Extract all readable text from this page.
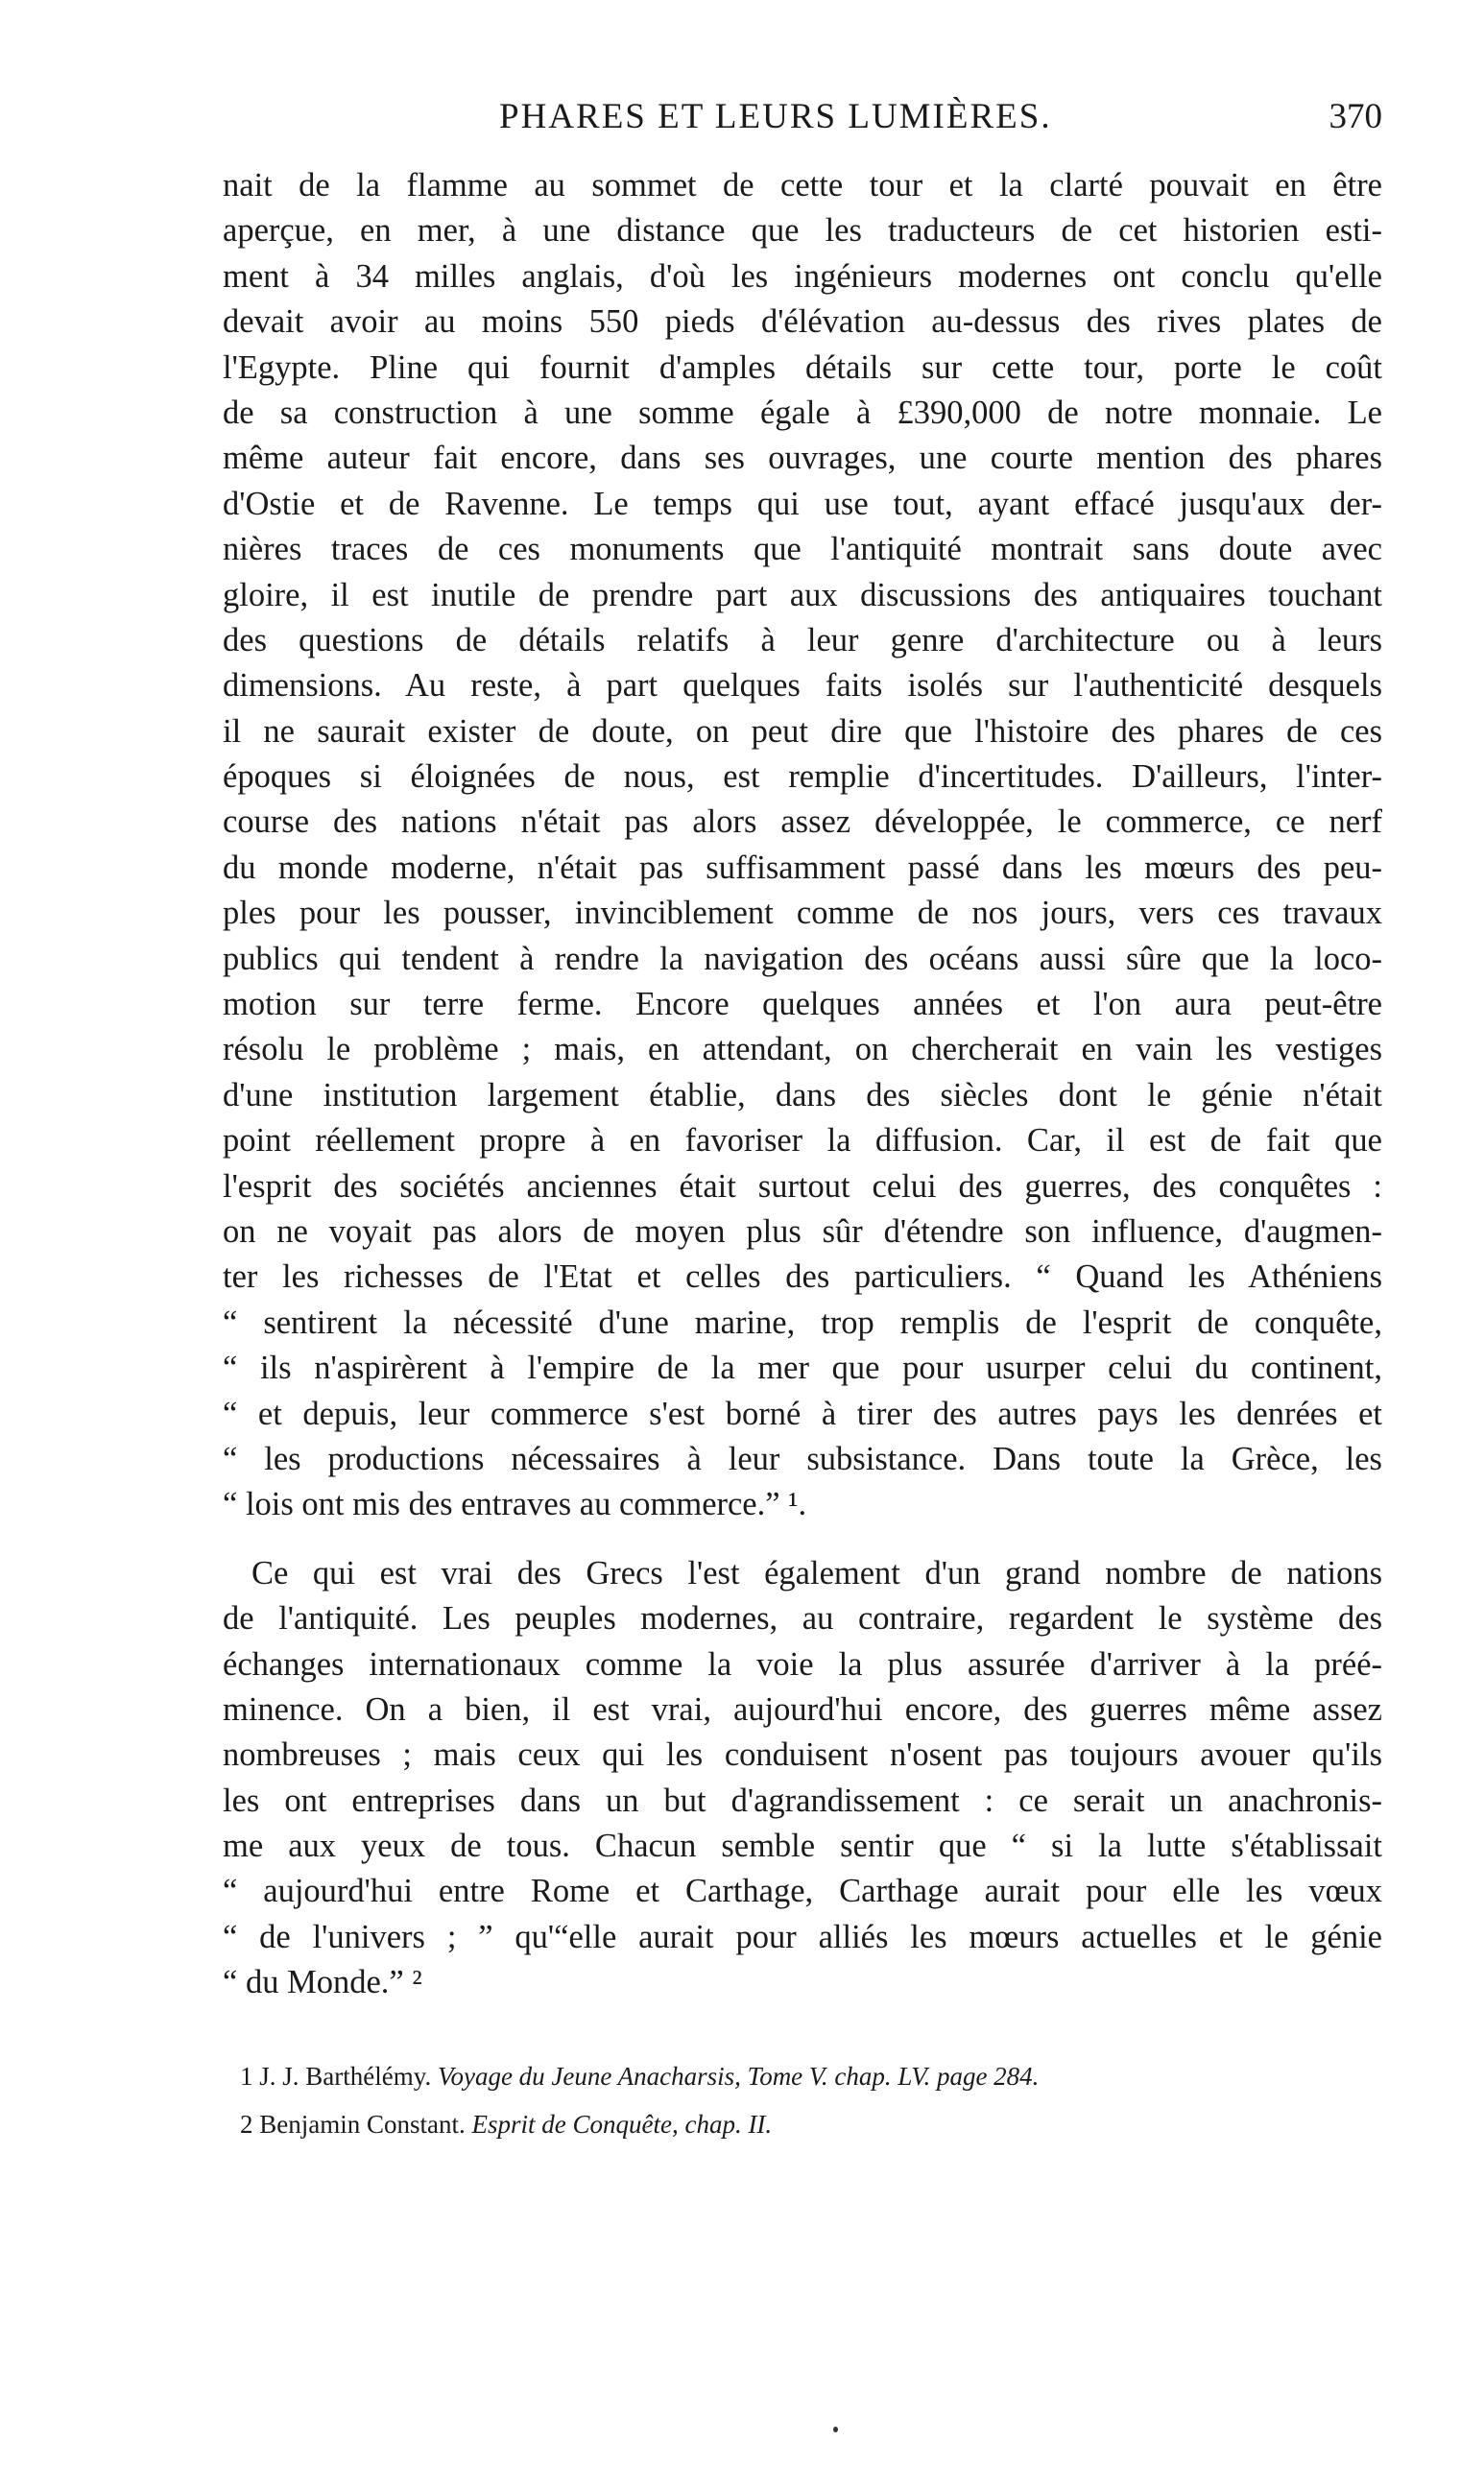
PHARES ET LEURS LUMIÈRES.	370
nait de la flamme au sommet de cette tour et la clarté pouvait en être
aperçue, en mer, à une distance que les traducteurs de cet historien esti-
ment à 34 milles anglais, d'où les ingénieurs modernes ont conclu qu'elle
devait avoir au moins 550 pieds d'élévation au-dessus des rives plates de
l'Egypte. Pline qui fournit d'amples détails sur cette tour, porte le coût
de sa construction à une somme égale à £390,000 de notre monnaie. Le
même auteur fait encore, dans ses ouvrages, une courte mention des phares
d'Ostie et de Ravenne. Le temps qui use tout, ayant effacé jusqu'aux der-
nières traces de ces monuments que l'antiquité montrait sans doute avec
gloire, il est inutile de prendre part aux discussions des antiquaires touchant
des questions de détails relatifs à leur genre d'architecture ou à leurs
dimensions. Au reste, à part quelques faits isolés sur l'authenticité desquels
il ne saurait exister de doute, on peut dire que l'histoire des phares de ces
époques si éloignées de nous, est remplie d'incertitudes. D'ailleurs, l'inter-
course des nations n'était pas alors assez développée, le commerce, ce nerf
du monde moderne, n'était pas suffisamment passé dans les mœurs des peu-
ples pour les pousser, invinciblement comme de nos jours, vers ces travaux
publics qui tendent à rendre la navigation des océans aussi sûre que la loco-
motion sur terre ferme. Encore quelques années et l'on aura peut-être
résolu le problème ; mais, en attendant, on chercherait en vain les vestiges
d'une institution largement établie, dans des siècles dont le génie n'était
point réellement propre à en favoriser la diffusion. Car, il est de fait que
l'esprit des sociétés anciennes était surtout celui des guerres, des conquêtes :
on ne voyait pas alors de moyen plus sûr d'étendre son influence, d'augmen-
ter les richesses de l'Etat et celles des particuliers. “ Quand les Athéniens
“ sentirent la nécessité d'une marine, trop remplis de l'esprit de conquête,
“ ils n'aspirèrent à l'empire de la mer que pour usurper celui du continent,
“ et depuis, leur commerce s'est borné à tirer des autres pays les denrées et
“ les productions nécessaires à leur subsistance. Dans toute la Grèce, les
“ lois ont mis des entraves au commerce.” ¹.
Ce qui est vrai des Grecs l'est également d'un grand nombre de nations
de l'antiquité. Les peuples modernes, au contraire, regardent le système des
échanges internationaux comme la voie la plus assurée d'arriver à la préé-
minence. On a bien, il est vrai, aujourd'hui encore, des guerres même assez
nombreuses ; mais ceux qui les conduisent n'osent pas toujours avouer qu'ils
les ont entreprises dans un but d'agrandissement : ce serait un anachronis-
me aux yeux de tous. Chacun semble sentir que “ si la lutte s'établissait
“ aujourd'hui entre Rome et Carthage, Carthage aurait pour elle les vœux
“ de l'univers ; ” qu'“elle aurait pour alliés les mœurs actuelles et le génie
“ du Monde.” ²
1 J. J. Barthélémy. Voyage du Jeune Anacharsis, Tome V. chap. LV. page 284.
2 Benjamin Constant. Esprit de Conquête, chap. II.
